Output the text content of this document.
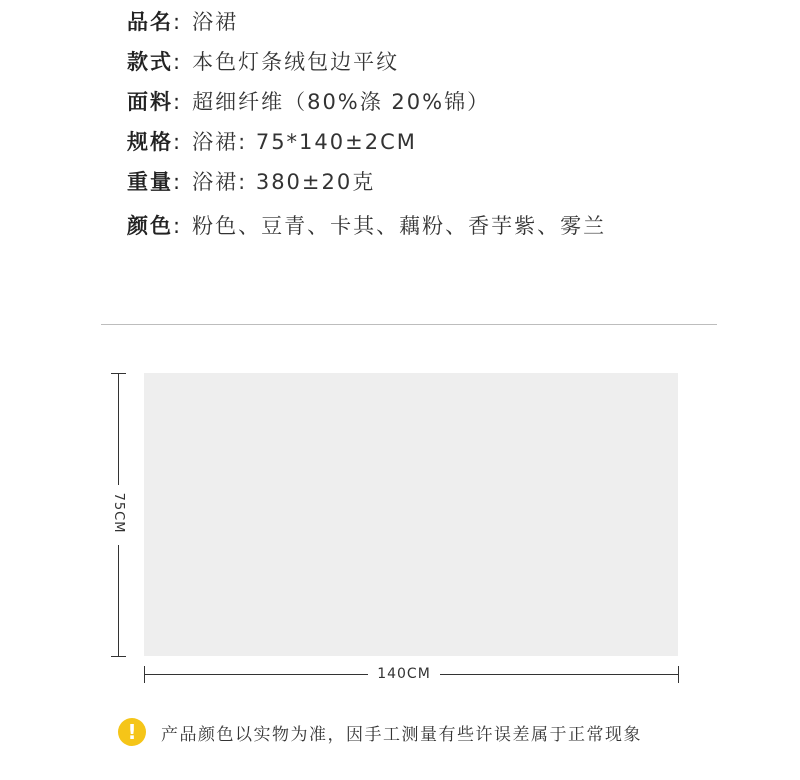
品名 : 浴裙
款式 : 本色灯条绒包边平纹
面料 : 超细纤维（80%涤 20%锦）
规格 : 浴裙: 75*140±2CM
重量 : 浴裙: 380±20克
颜色 : 粉色、豆青、卡其、藕粉、香芋紫、雾兰
75CM
140CM
!	产品颜色以实物为准，因手工测量有些许误差属于正常现象
